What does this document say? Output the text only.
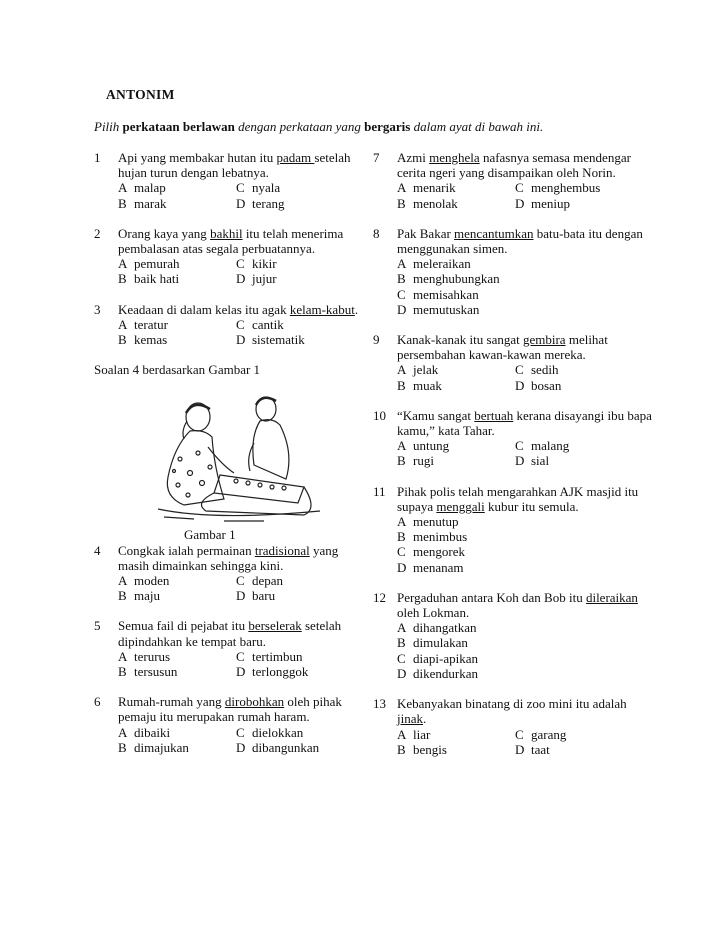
ANTONIM
Pilih perkataan berlawan dengan perkataan yang bergaris dalam ayat di bawah ini.
1 Api yang membakar hutan itu padam setelah hujan turun dengan lebatnya.
A malap	C nyala
B marak	D terang
2 Orang kaya yang bakhil itu telah menerima pembalasan atas segala perbuatannya.
A pemurah	C kikir
B baik hati	D jujur
3 Keadaan di dalam kelas itu agak kelam-kabut.
A teratur	C cantik
B kemas	D sistematik
Soalan 4 berdasarkan Gambar 1
Gambar 1
4 Congkak ialah permainan tradisional yang masih dimainkan sehingga kini.
A moden	C depan
B maju	D baru
5 Semua fail di pejabat itu berselerak setelah dipindahkan ke tempat baru.
A terurus	C tertimbun
B tersusun	D terlonggok
6 Rumah-rumah yang dirobohkan oleh pihak pemaju itu merupakan rumah haram.
A dibaiki	C dielokkan
B dimajukan	D dibangunkan
7 Azmi menghela nafasnya semasa mendengar cerita ngeri yang disampaikan oleh Norin.
A menarik	C menghembus
B menolak	D meniup
8 Pak Bakar mencantumkan batu-bata itu dengan menggunakan simen.
A meleraikan
B menghubungkan
C memisahkan
D memutuskan
9 Kanak-kanak itu sangat gembira melihat persembahan kawan-kawan mereka.
A jelak	C sedih
B muak	D bosan
10 “Kamu sangat bertuah kerana disayangi ibu bapa kamu,” kata Tahar.
A untung	C malang
B rugi	D sial
11 Pihak polis telah mengarahkan AJK masjid itu supaya menggali kubur itu semula.
A menutup
B menimbus
C mengorek
D menanam
12 Pergaduhan antara Koh dan Bob itu dileraikan oleh Lokman.
A dihangatkan
B dimulakan
C diapi-apikan
D dikendurkan
13 Kebanyakan binatang di zoo mini itu adalah jinak.
A liar	C garang
B bengis	D taat
